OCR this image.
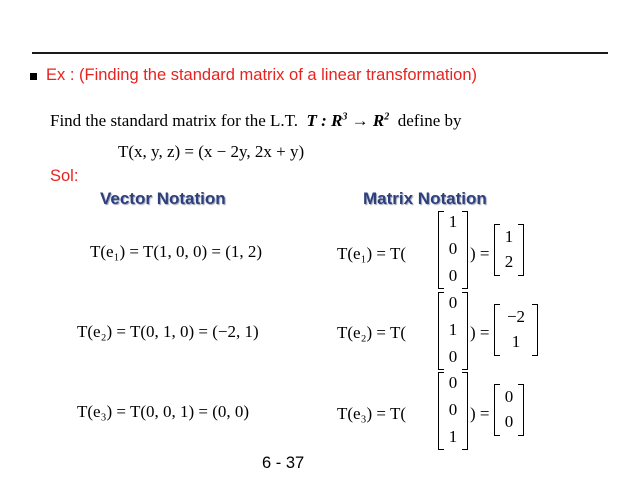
Ex : (Finding the standard matrix of a linear transformation)
Find the standard matrix for the L.T. T : $R^3 \to R^2$ define by
T(x, y, z) = (x − 2y, 2x + y)
Sol:
Vector Notation	Matrix Notation
T(e₁) = T(1, 0, 0) = (1, 2)
T(e₂) = T(0, 1, 0) = (−2, 1)
T(e₃) = T(0, 0, 1) = (0, 0)
T(e₁) = T(
1
0
0
) =
1
2
T(e₂) = T(
0
1
0
) =
−2
1
T(e₃) = T(
0
0
1
) =
0
0
6 - 37
